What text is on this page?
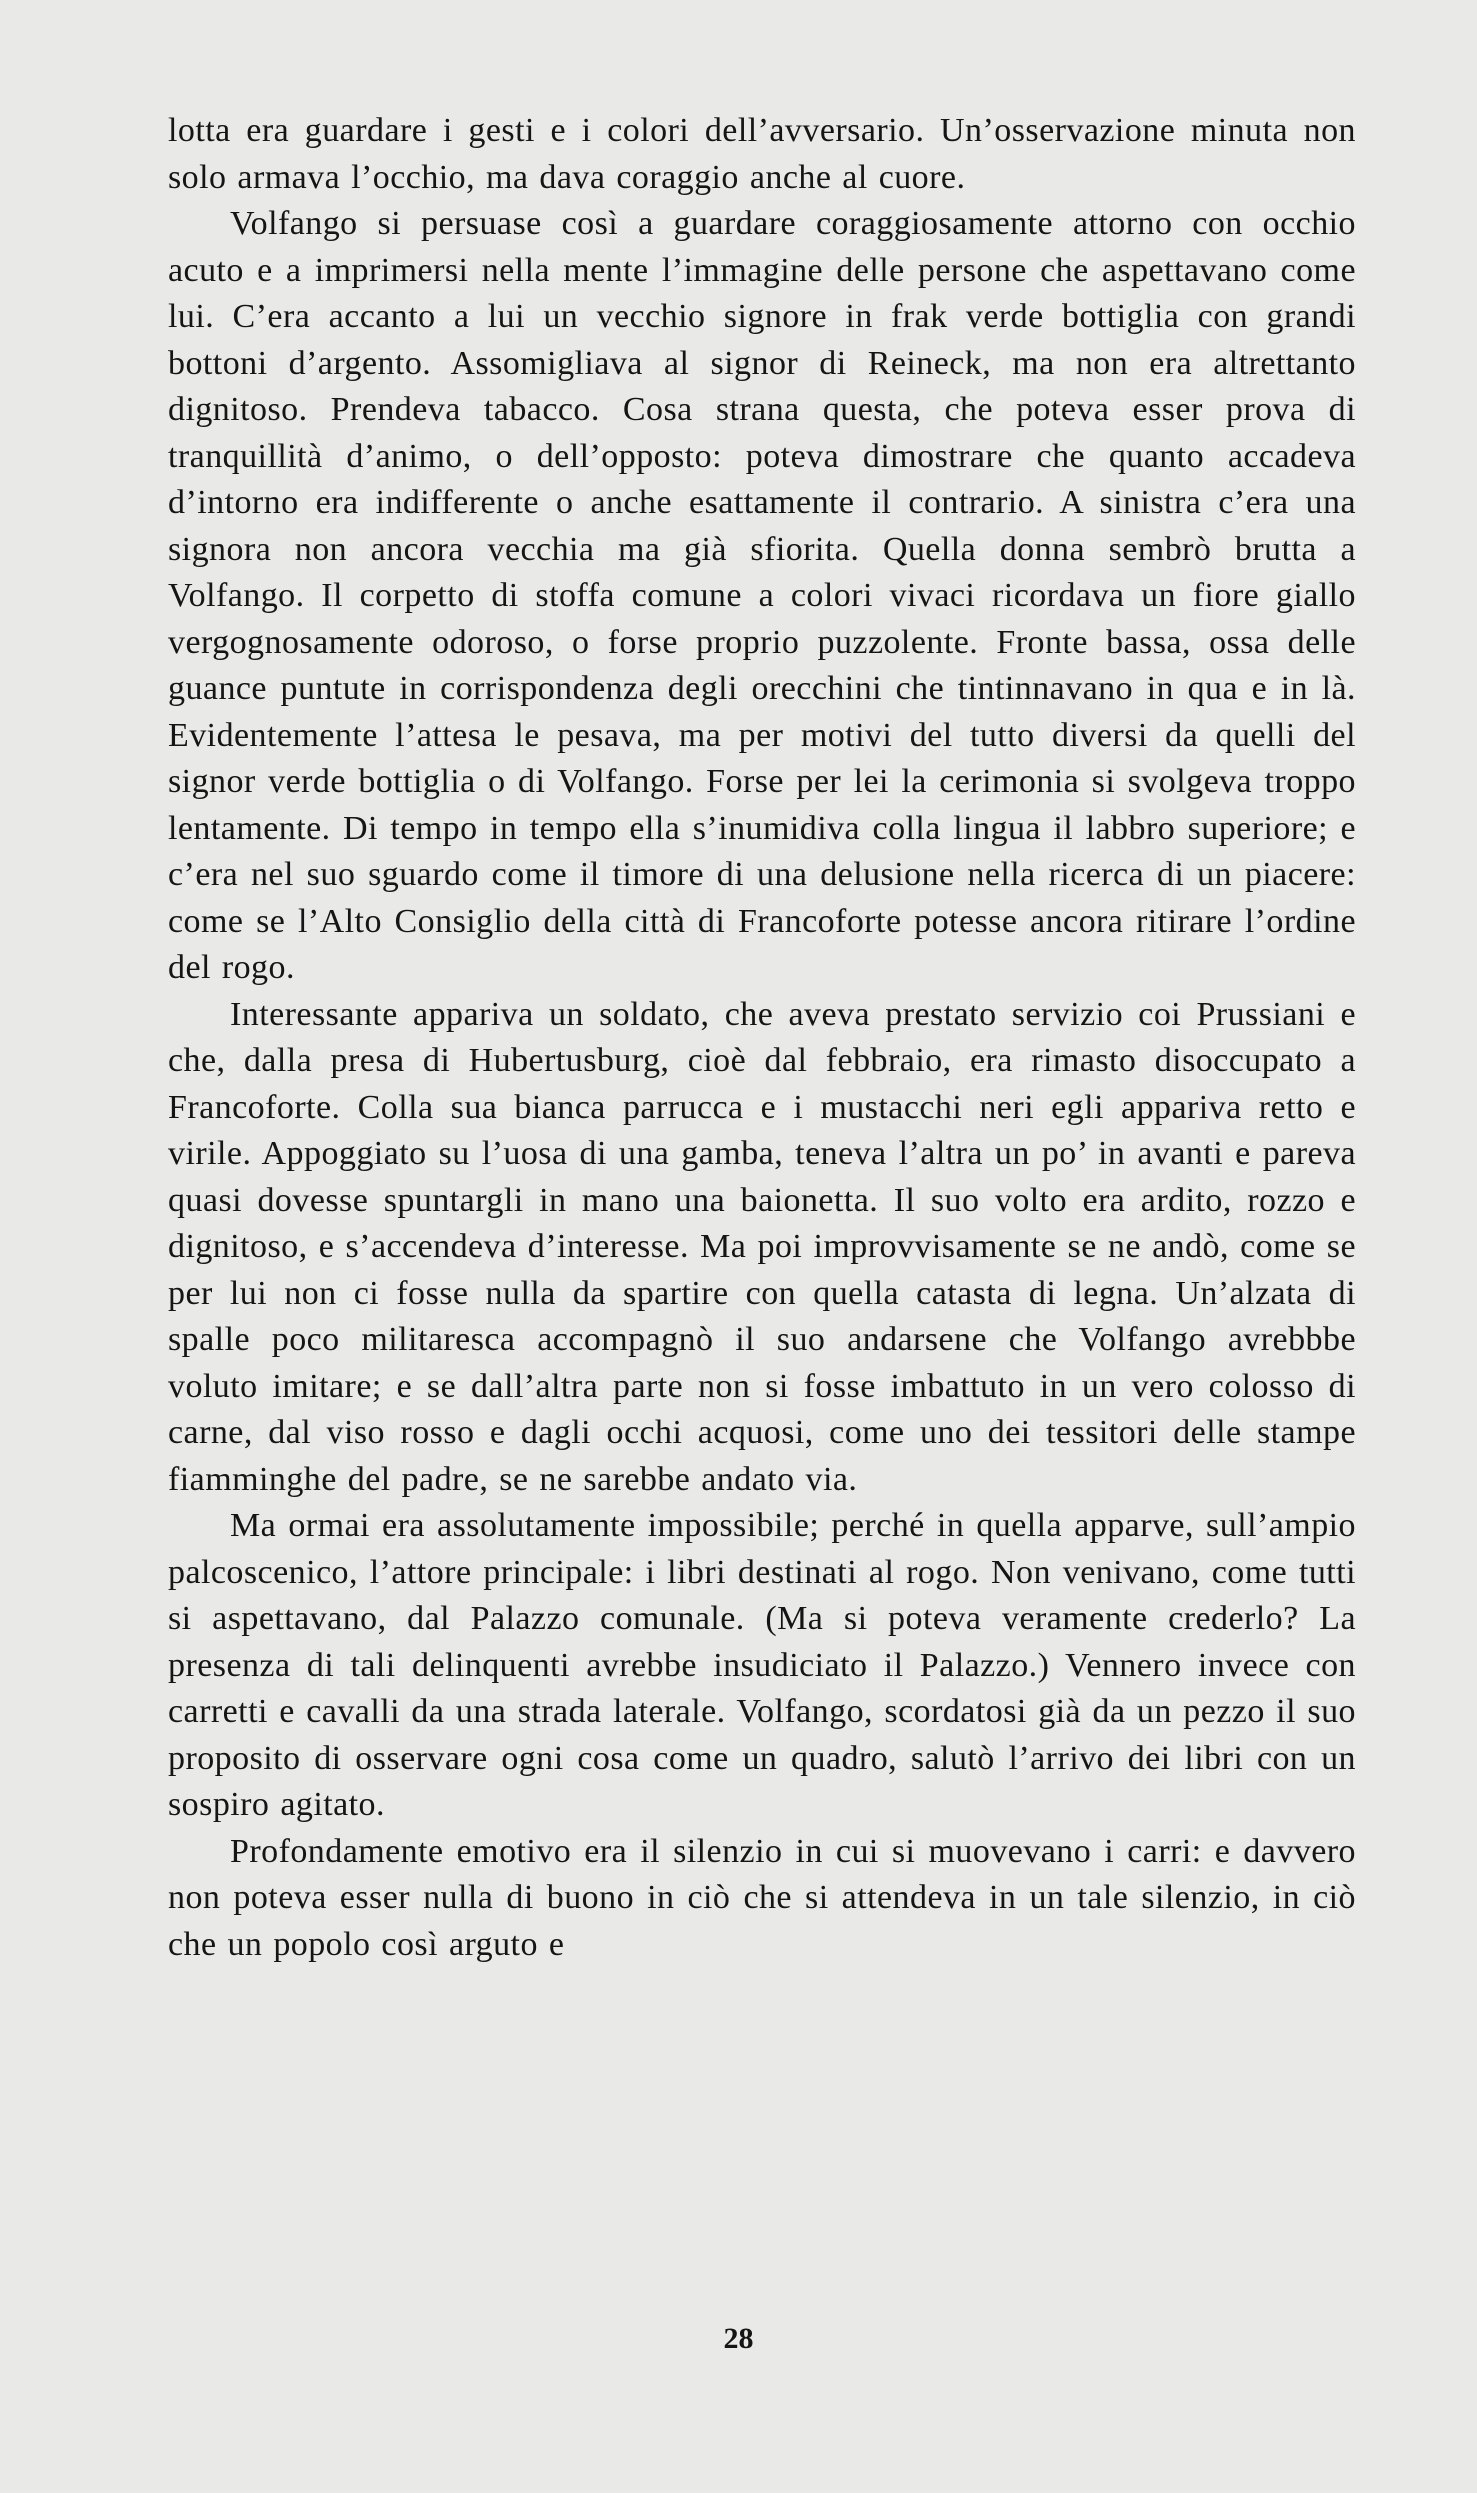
lotta era guardare i gesti e i colori dell’avversario. Un’osservazione minuta non solo armava l’occhio, ma dava coraggio anche al cuore.

Volfango si persuase così a guardare coraggiosamente attorno con occhio acuto e a imprimersi nella mente l’immagine delle persone che aspettavano come lui. C’era accanto a lui un vecchio signore in frak verde bottiglia con grandi bottoni d’argento. Assomigliava al signor di Reineck, ma non era altrettanto dignitoso. Prendeva tabacco. Cosa strana questa, che poteva esser prova di tranquillità d’animo, o dell’opposto: poteva dimostrare che quanto accadeva d’intorno era indifferente o anche esattamente il contrario. A sinistra c’era una signora non ancora vecchia ma già sfiorita. Quella donna sembrò brutta a Volfango. Il corpetto di stoffa comune a colori vivaci ricordava un fiore giallo vergognosamente odoroso, o forse proprio puzzolente. Fronte bassa, ossa delle guance puntute in corrispondenza degli orecchini che tintinnavano in qua e in là. Evidentemente l’attesa le pesava, ma per motivi del tutto diversi da quelli del signor verde bottiglia o di Volfango. Forse per lei la cerimonia si svolgeva troppo lentamente. Di tempo in tempo ella s’inumidiva colla lingua il labbro superiore; e c’era nel suo sguardo come il timore di una delusione nella ricerca di un piacere: come se l’Alto Consiglio della città di Francoforte potesse ancora ritirare l’ordine del rogo.

Interessante appariva un soldato, che aveva prestato servizio coi Prussiani e che, dalla presa di Hubertusburg, cioè dal febbraio, era rimasto disoccupato a Francoforte. Colla sua bianca parrucca e i mustacchi neri egli appariva retto e virile. Appoggiato su l’uosa di una gamba, teneva l’altra un po’ in avanti e pareva quasi dovesse spuntargli in mano una baionetta. Il suo volto era ardito, rozzo e dignitoso, e s’accendeva d’interesse. Ma poi improvvisamente se ne andò, come se per lui non ci fosse nulla da spartire con quella catasta di legna. Un’alzata di spalle poco militaresca accompagnò il suo andarsene che Volfango avrebbbe voluto imitare; e se dall’altra parte non si fosse imbattuto in un vero colosso di carne, dal viso rosso e dagli occhi acquosi, come uno dei tessitori delle stampe fiamminghe del padre, se ne sarebbe andato via.

Ma ormai era assolutamente impossibile; perché in quella apparve, sull’ampio palcoscenico, l’attore principale: i libri destinati al rogo. Non venivano, come tutti si aspettavano, dal Palazzo comunale. (Ma si poteva veramente crederlo? La presenza di tali delinquenti avrebbe insudiciato il Palazzo.) Vennero invece con carretti e cavalli da una strada laterale. Volfango, scordatosi già da un pezzo il suo proposito di osservare ogni cosa come un quadro, salutò l’arrivo dei libri con un sospiro agitato.

Profondamente emotivo era il silenzio in cui si muovevano i carri: e davvero non poteva esser nulla di buono in ciò che si attendeva in un tale silenzio, in ciò che un popolo così arguto e

28
